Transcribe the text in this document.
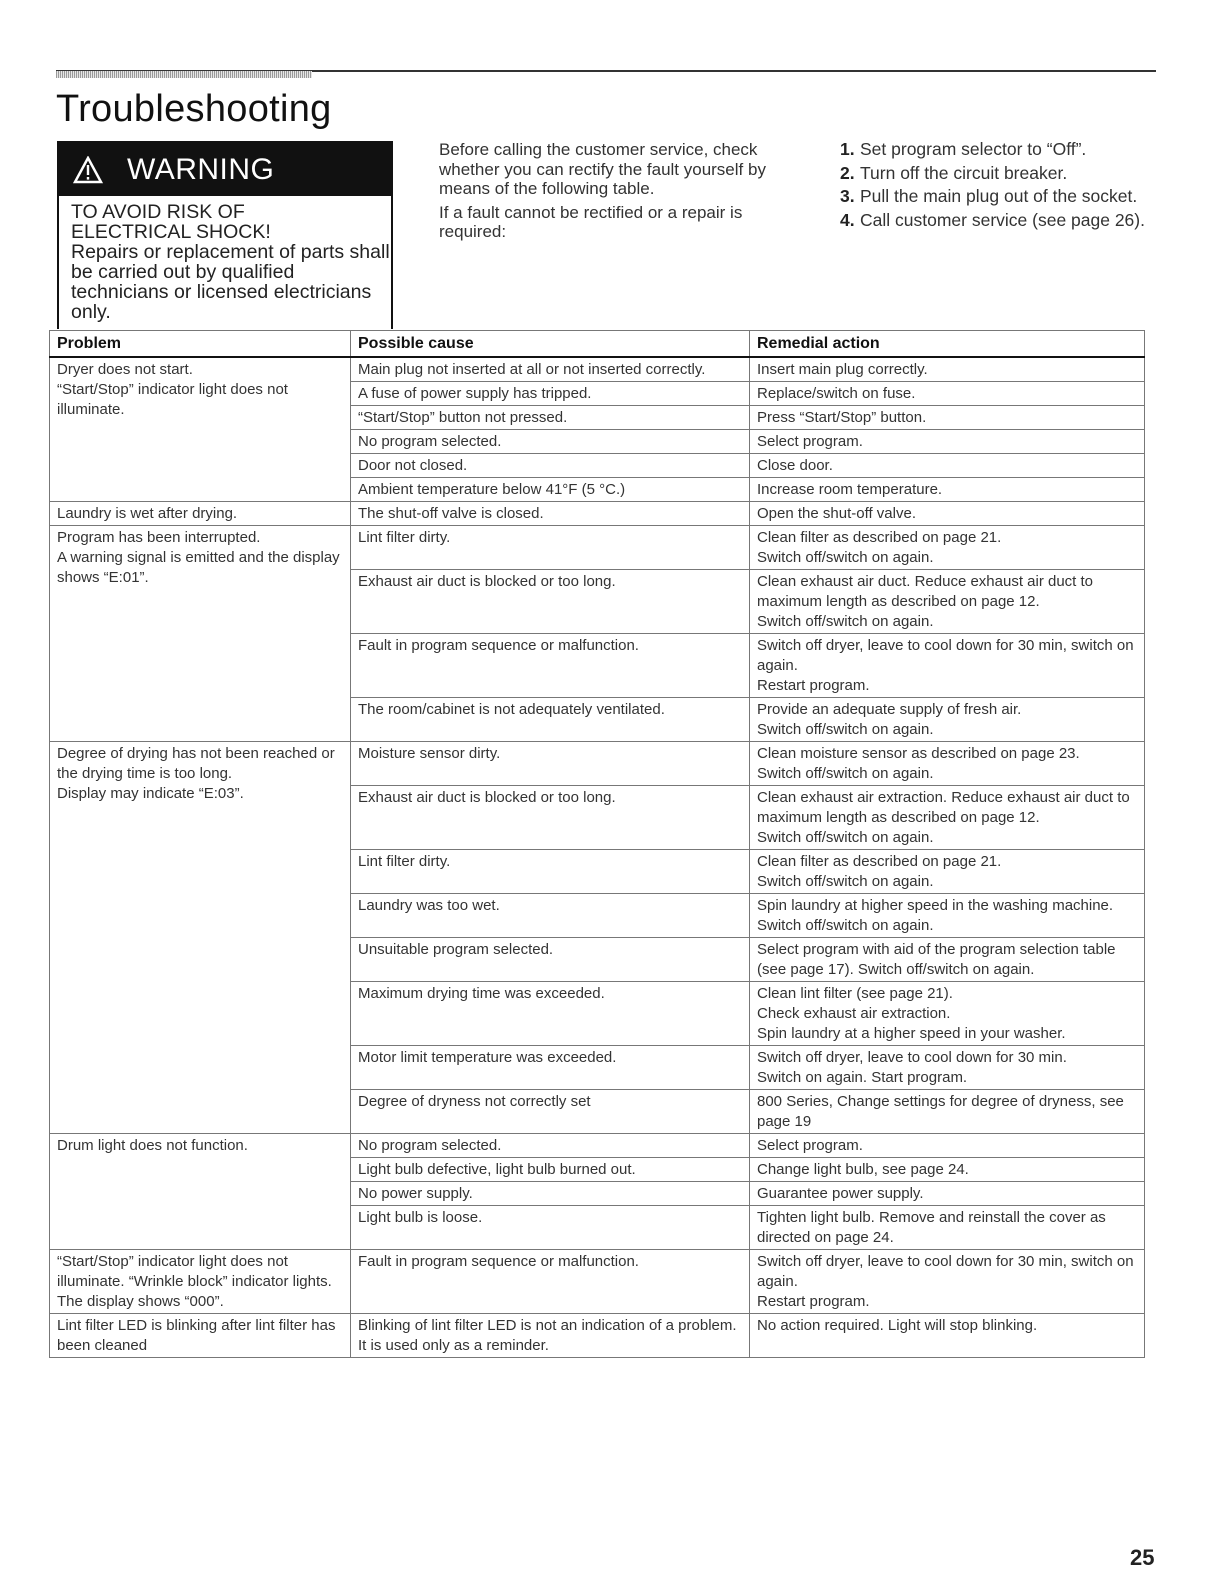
Troubleshooting
WARNING
TO AVOID RISK OF
ELECTRICAL SHOCK!
Repairs or replacement of parts shall be carried out by qualified technicians or licensed electricians only.

Before calling the customer service, check whether you can rectify the fault yourself by means of the following table.

If a fault cannot be rectified or a repair is required:

1. Set program selector to “Off”.
2. Turn off the circuit breaker.
3. Pull the main plug out of the socket.
4. Call customer service (see page 26).
Problem	Possible cause	Remedial action

Dryer does not start.
“Start/Stop” indicator light does not illuminate.	Main plug not inserted at all or not inserted correctly.	Insert main plug correctly.

	A fuse of power supply has tripped.	Replace/switch on fuse.

	“Start/Stop” button not pressed.	Press “Start/Stop” button.

	No program selected.	Select program.

	Door not closed.	Close door.

	Ambient temperature below 41°F (5 °C.)	Increase room temperature.

Laundry is wet after drying.	The shut-off valve is closed.	Open the shut-off valve.

Program has been interrupted.
A warning signal is emitted and the display shows “E:01”.	Lint filter dirty.	Clean filter as described on page 21.
Switch off/switch on again.

	Exhaust air duct is blocked or too long.	Clean exhaust air duct. Reduce exhaust air duct to maximum length as described on page 12.
Switch off/switch on again.

	Fault in program sequence or malfunction.	Switch off dryer, leave to cool down for 30 min, switch on again.
Restart program.

	The room/cabinet is not adequately ventilated.	Provide an adequate supply of fresh air.
Switch off/switch on again.

Degree of drying has not been reached or the drying time is too long.
Display may indicate “E:03”.	Moisture sensor dirty.	Clean moisture sensor as described on page 23.
Switch off/switch on again.

	Exhaust air duct is blocked or too long.	Clean exhaust air extraction. Reduce exhaust air duct to maximum length as described on page 12.
Switch off/switch on again.

	Lint filter dirty.	Clean filter as described on page 21.
Switch off/switch on again.

	Laundry was too wet.	Spin laundry at higher speed in the washing machine. Switch off/switch on again.

	Unsuitable program selected.	Select program with aid of the program selection table (see page 17). Switch off/switch on again.

	Maximum drying time was exceeded.	Clean lint filter (see page 21).
Check exhaust air extraction.
Spin laundry at a higher speed in your washer.

	Motor limit temperature was exceeded.	Switch off dryer, leave to cool down for 30 min.
Switch on again. Start program.

	Degree of dryness not correctly set	800 Series, Change settings for degree of dryness, see page 19

Drum light does not function.	No program selected.	Select program.

	Light bulb defective, light bulb burned out.	Change light bulb, see page 24.

	No power supply.	Guarantee power supply.

	Light bulb is loose.	Tighten light bulb. Remove and reinstall the cover as directed on page 24.

“Start/Stop” indicator light does not illuminate. “Wrinkle block” indicator lights.
The display shows “000”.	Fault in program sequence or malfunction.	Switch off dryer, leave to cool down for 30 min, switch on again.
Restart program.

Lint filter LED is blinking after lint filter has been cleaned	Blinking of lint filter LED is not an indication of a problem. It is used only as a reminder.	No action required. Light will stop blinking.
25
